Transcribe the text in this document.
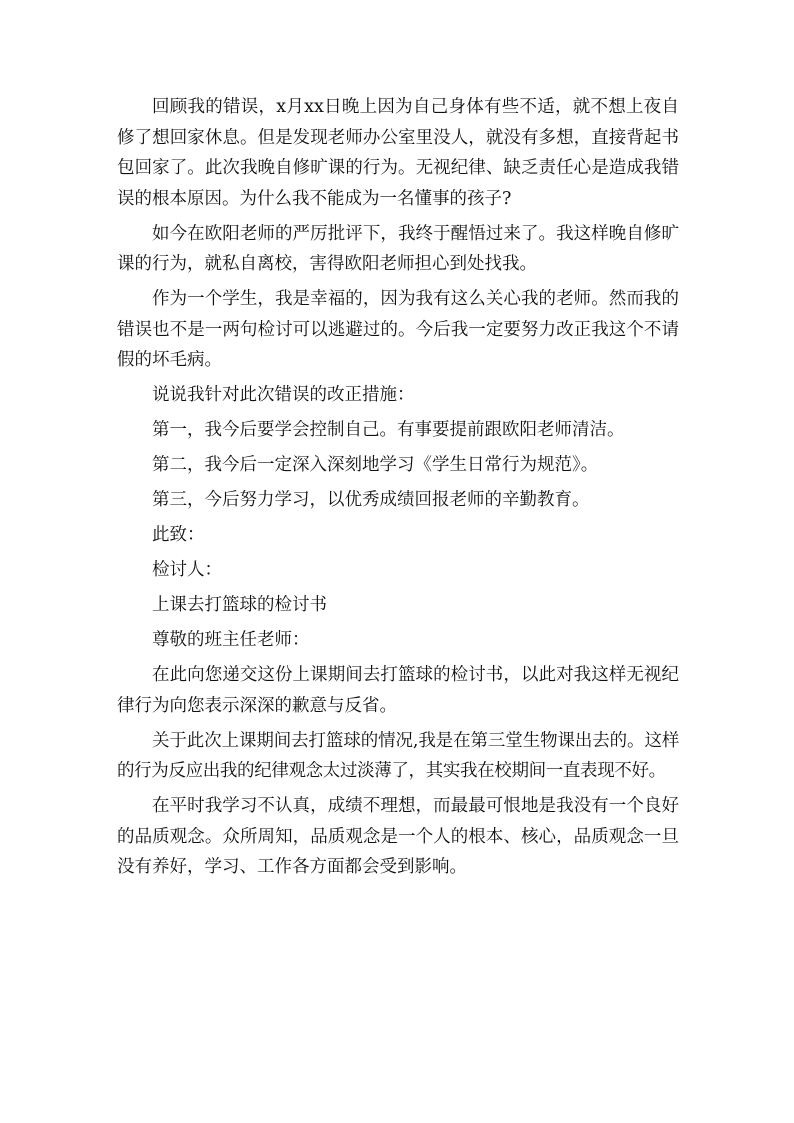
回顾我的错误，x月xx日晚上因为自己身体有些不适，就不想上夜自修了想回家休息。但是发现老师办公室里没人，就没有多想，直接背起书包回家了。此次我晚自修旷课的行为。无视纪律、缺乏责任心是造成我错误的根本原因。为什么我不能成为一名懂事的孩子?

如今在欧阳老师的严厉批评下，我终于醒悟过来了。我这样晚自修旷课的行为，就私自离校，害得欧阳老师担心到处找我。

作为一个学生，我是幸福的，因为我有这么关心我的老师。然而我的错误也不是一两句检讨可以逃避过的。今后我一定要努力改正我这个不请假的坏毛病。

说说我针对此次错误的改正措施：

第一，我今后要学会控制自己。有事要提前跟欧阳老师清洁。

第二，我今后一定深入深刻地学习《学生日常行为规范》。

第三，今后努力学习，以优秀成绩回报老师的辛勤教育。

此致：

检讨人：

上课去打篮球的检讨书

尊敬的班主任老师：

在此向您递交这份上课期间去打篮球的检讨书，以此对我这样无视纪律行为向您表示深深的歉意与反省。

关于此次上课期间去打篮球的情况,我是在第三堂生物课出去的。这样的行为反应出我的纪律观念太过淡薄了，其实我在校期间一直表现不好。

在平时我学习不认真，成绩不理想，而最最可恨地是我没有一个良好的品质观念。众所周知，品质观念是一个人的根本、核心，品质观念一旦没有养好，学习、工作各方面都会受到影响。
